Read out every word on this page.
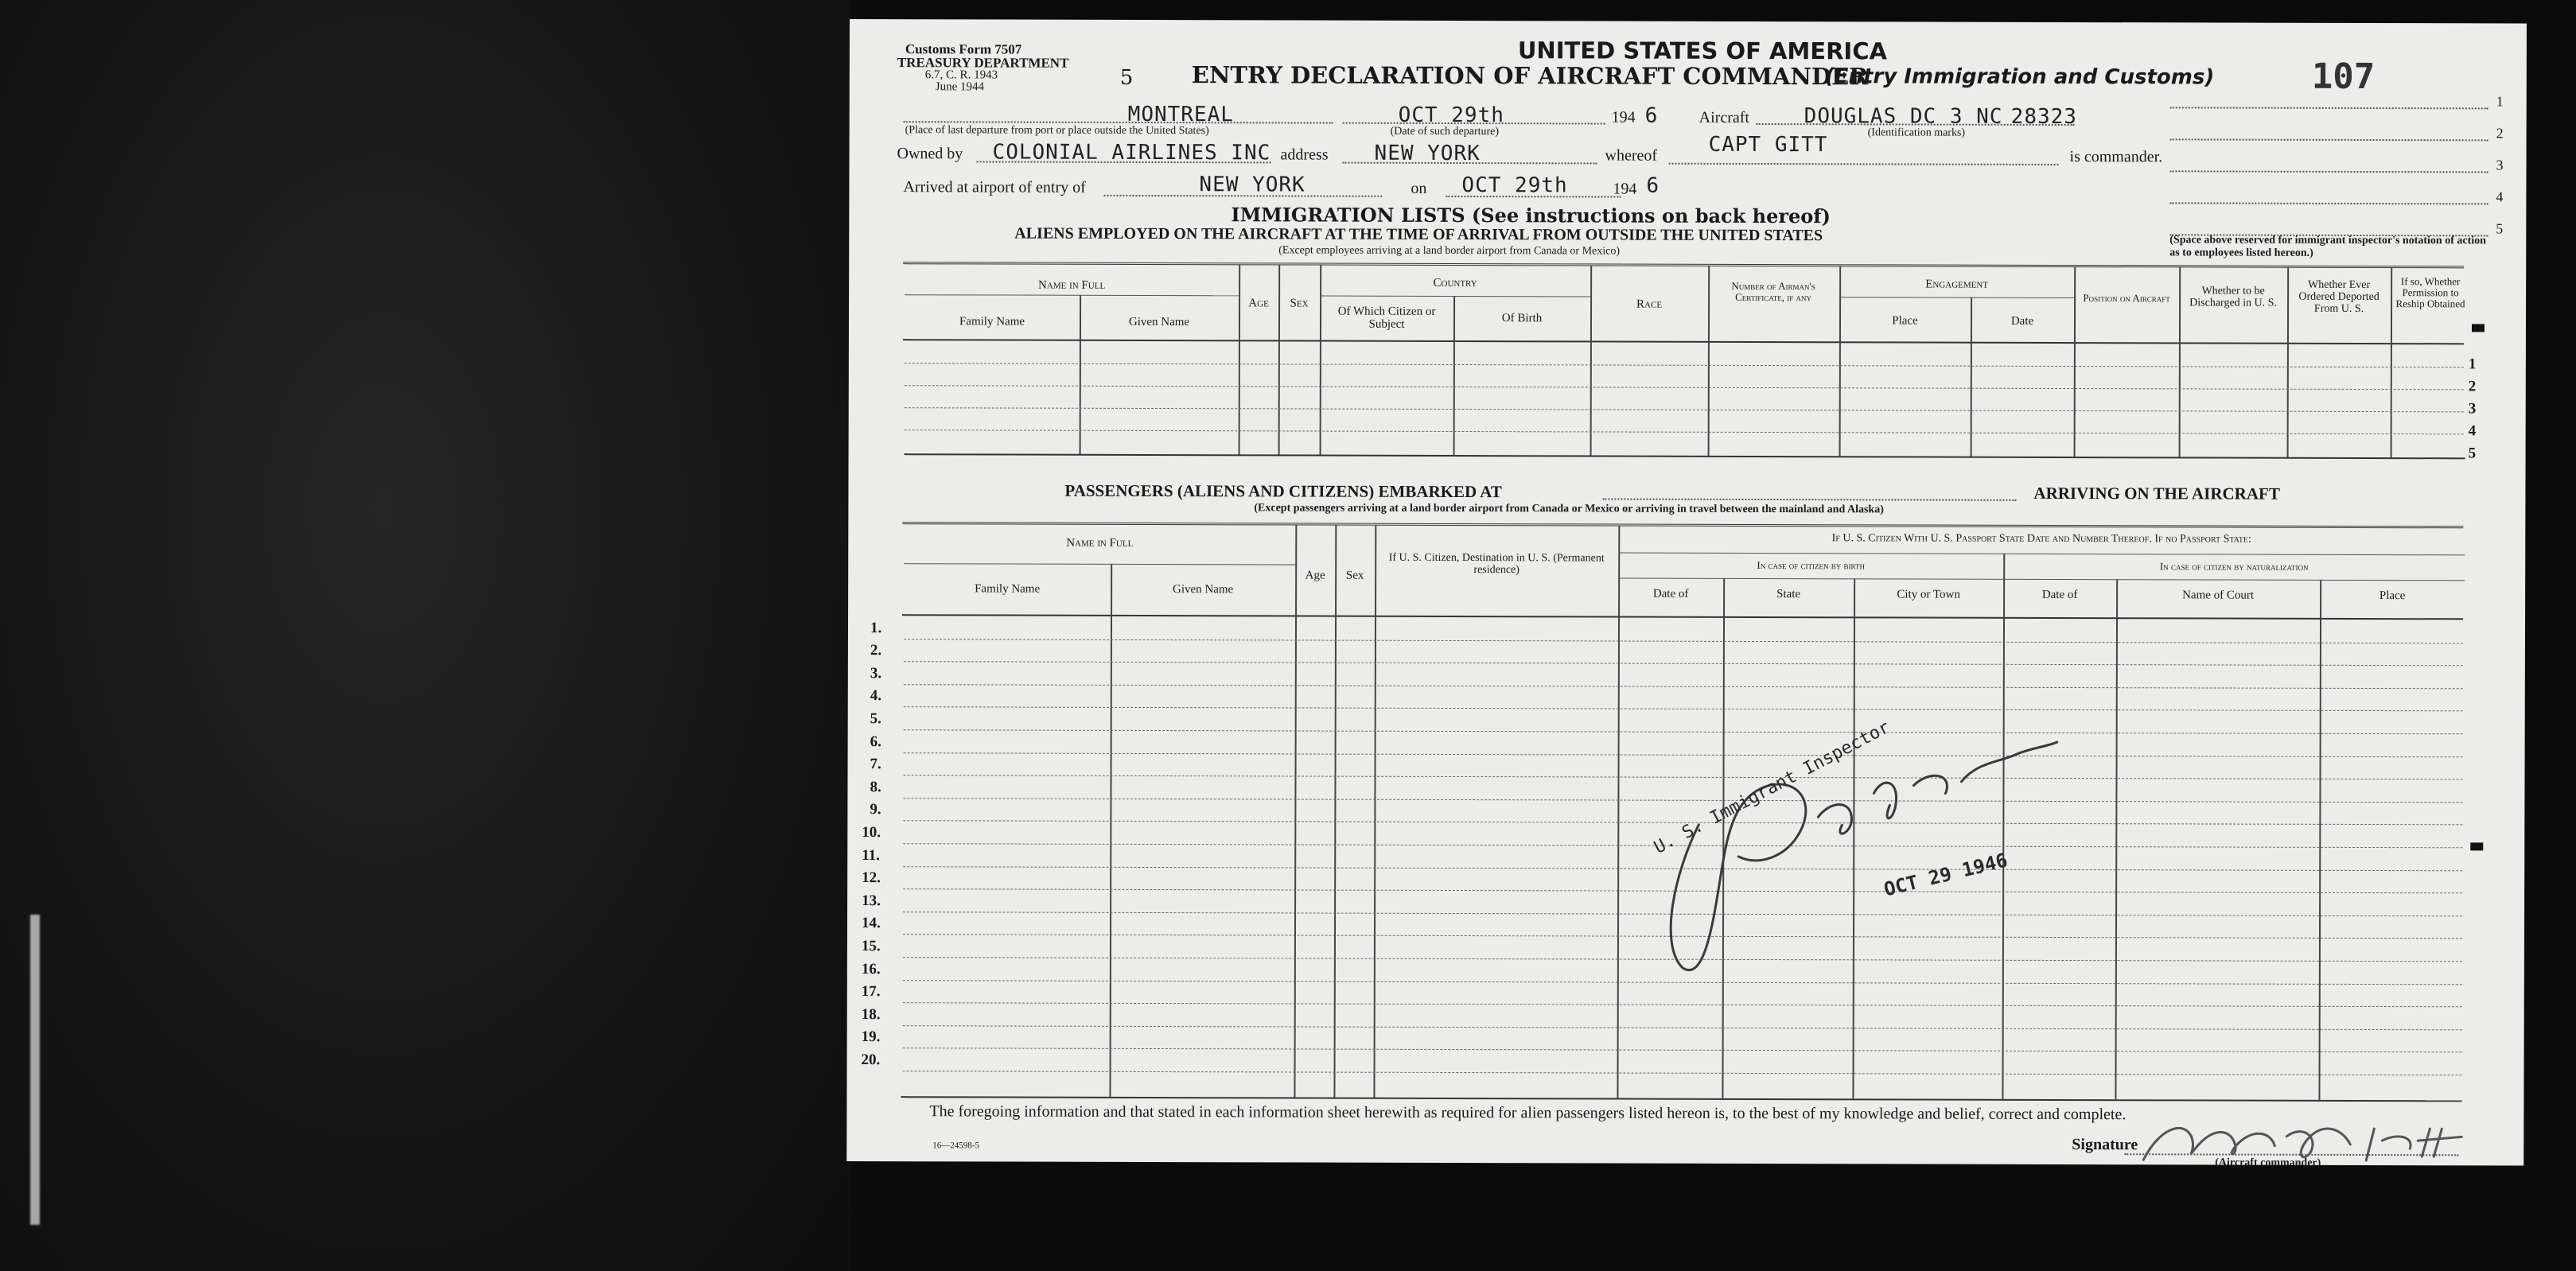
Customs Form 7507
TREASURY DEPARTMENT
6.7, C. R. 1943
June 1944
UNITED STATES OF AMERICA
5	ENTRY DECLARATION OF AIRCRAFT COMMANDER
(Entry Immigration and Customs)	107
MONTREAL
(Place of last departure from port or place outside the United States)
OCT 29th
(Date of such departure)
194 6	Aircraft	DOUGLAS DC 3 NC 28323
(Identification marks)
Owned by COLONIAL AIRLINES INC address NEW YORK	whereof CAPT GITT	is commander.
Arrived at airport of entry of	NEW YORK	on OCT 29th	194 6
1
2
3
4
5
IMMIGRATION LISTS (See instructions on back hereof)
ALIENS EMPLOYED ON THE AIRCRAFT AT THE TIME OF ARRIVAL FROM OUTSIDE THE UNITED STATES
(Except employees arriving at a land border airport from Canada or Mexico)
(Space above reserved for immigrant inspector's notation of action as to employees listed hereon.)
Name in Full
Family Name	Given Name
Age	Sex
Country
Of Which Citizen or Subject	Of Birth
Race
Number of Airman's Certificate, if any
Engagement
Place	Date
Position on Aircraft
Whether to be Discharged in U. S.
Whether Ever Ordered Deported From U. S.
If so, Whether Permission to Reship Obtained
1
2
3
4
5
PASSENGERS (ALIENS AND CITIZENS) EMBARKED AT	ARRIVING ON THE AIRCRAFT
(Except passengers arriving at a land border airport from Canada or Mexico or arriving in travel between the mainland and Alaska)
Name in Full
Family Name	Given Name
Age	Sex
If U. S. Citizen, Destination in U. S. (Permanent residence)
If U. S. Citizen With U. S. Passport State Date and Number Thereof. If no Passport State:
In case of citizen by birth	In case of citizen by naturalization
Date of	State	City or Town	Date of	Name of Court	Place
1.
2.
3.
4.
5.
6.
7.
8.
9.
10.
11.
12.
13.
14.
15.
16.
17.
18.
19.
20.
U. S. Immigrant Inspector
OCT 29 1946
The foregoing information and that stated in each information sheet herewith as required for alien passengers listed hereon is, to the best of my knowledge and belief, correct and complete.
16—24598-5	Signature
(Aircraft commander)
